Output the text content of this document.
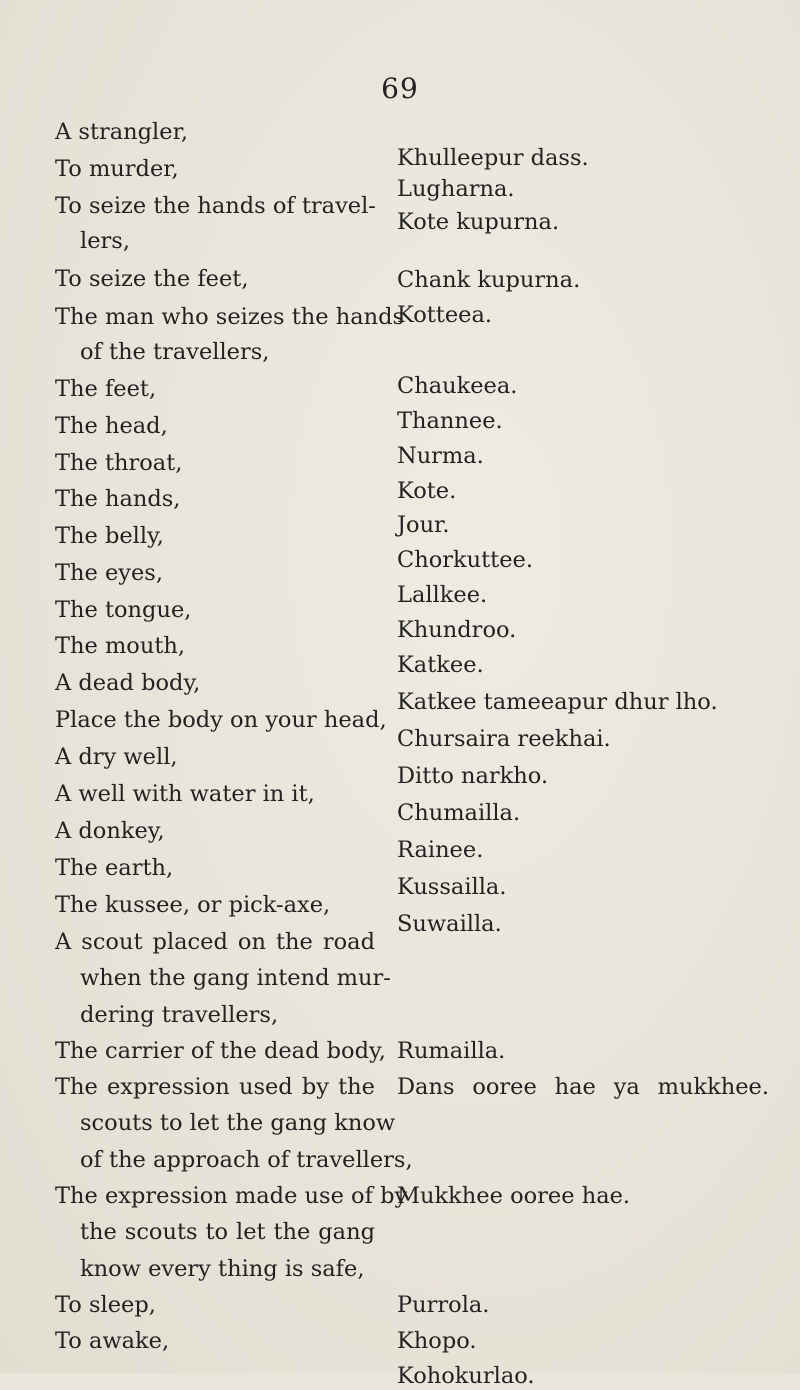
69
A strangler,
To murder,
To seize the hands of travel-
lers,
To seize the feet,
The man who seizes the hands
of the travellers,
The feet,
The head,
The throat,
The hands,
The belly,
The eyes,
The tongue,
The mouth,
A dead body,
Place the body on your head,
A dry well,
A well with water in it,
A donkey,
The earth,
The kussee, or pick-axe,
A scout placed on the road
when the gang intend mur-
dering travellers,
The carrier of the dead body,
The expression used by the
scouts to let the gang know
of the approach of travellers,
The expression made use of by
the scouts to let the gang
know every thing is safe,
To sleep,
To awake,
Khulleepur dass.
Lugharna.
Kote kupurna.
Chank kupurna.
Kotteea.
Chaukeea.
Thannee.
Nurma.
Kote.
Jour.
Chorkuttee.
Lallkee.
Khundroo.
Katkee.
Katkee tameeapur dhur lho.
Chursaira reekhai.
Ditto narkho.
Chumailla.
Rainee.
Kussailla.
Suwailla.
Rumailla.
Dans ooree hae ya mukkhee.
Mukkhee ooree hae.
Purrola.
Khopo.
Kohokurlao.
